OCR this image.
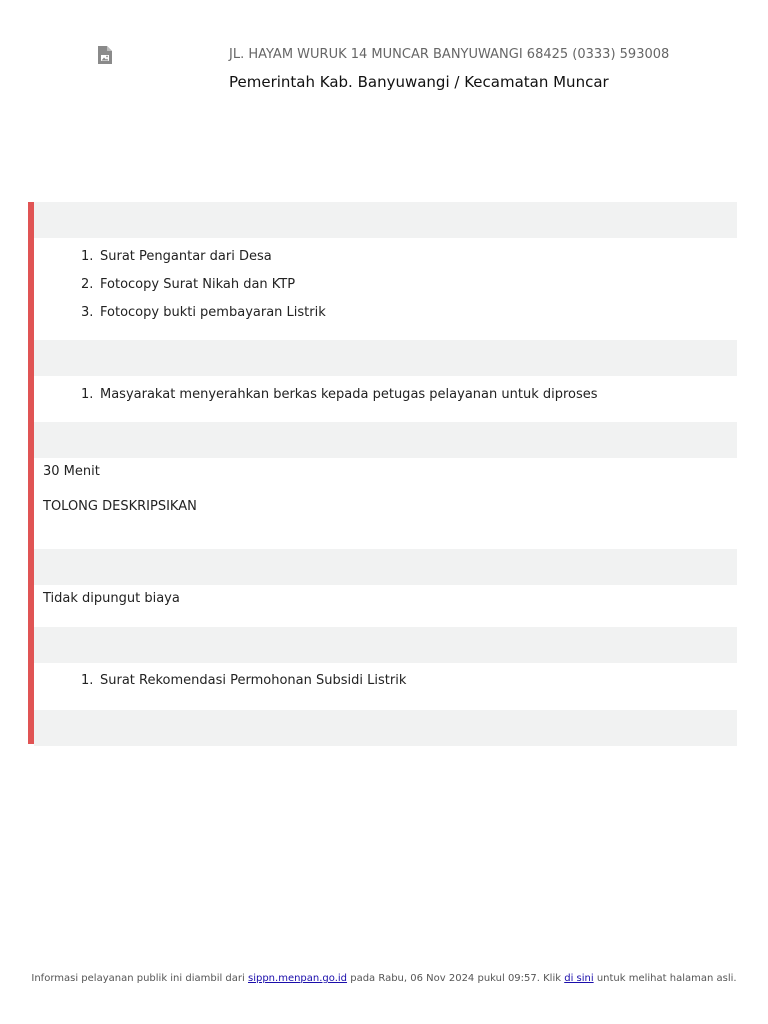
JL. HAYAM WURUK 14 MUNCAR BANYUWANGI 68425 (0333) 593008
Pemerintah Kab. Banyuwangi / Kecamatan Muncar
1. Surat Pengantar dari Desa
2. Fotocopy Surat Nikah dan KTP
3. Fotocopy bukti pembayaran Listrik
1. Masyarakat menyerahkan berkas kepada petugas pelayanan untuk diproses

30 Menit

TOLONG DESKRIPSIKAN

Tidak dipungut biaya

1. Surat Rekomendasi Permohonan Subsidi Listrik
Informasi pelayanan publik ini diambil dari sippn.menpan.go.id pada Rabu, 06 Nov 2024 pukul 09:57. Klik di sini untuk melihat halaman asli.
